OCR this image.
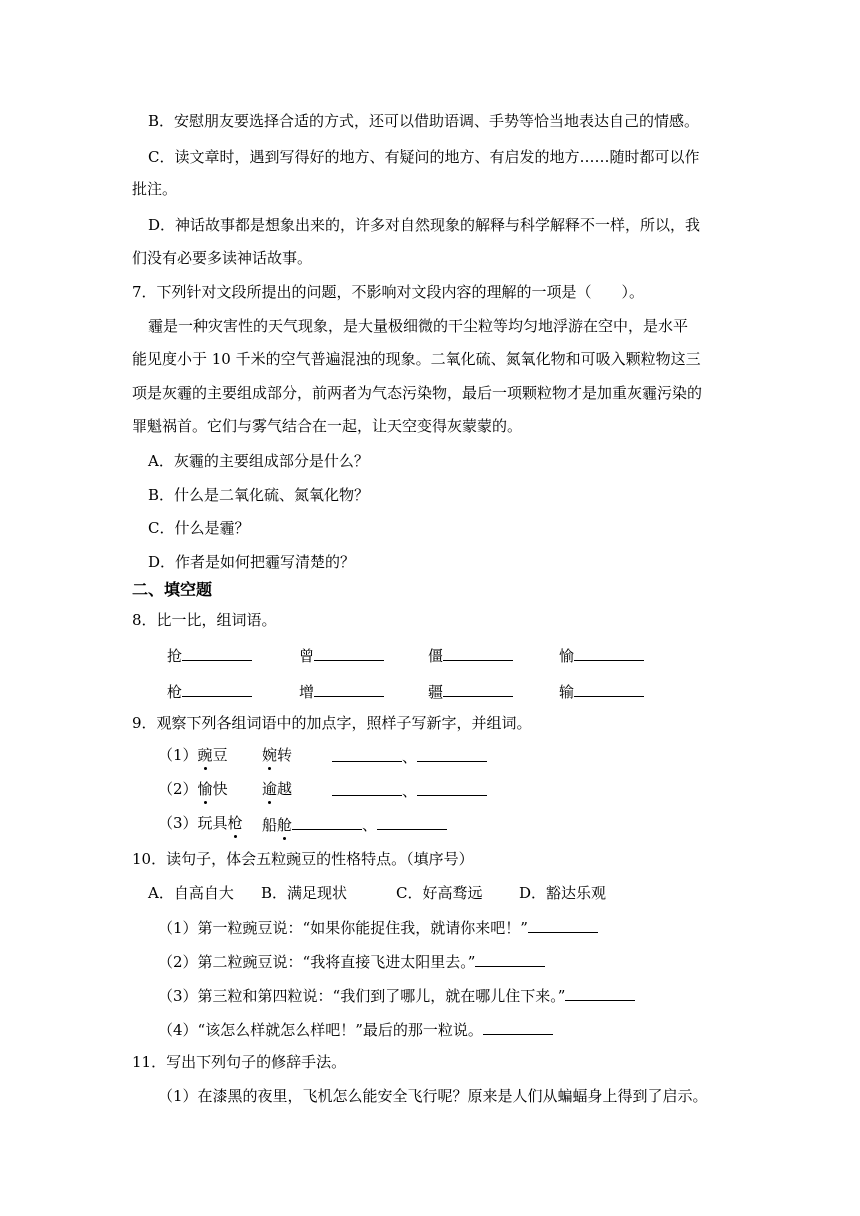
B．安慰朋友要选择合适的方式，还可以借助语调、手势等恰当地表达自己的情感。
C．读文章时，遇到写得好的地方、有疑问的地方、有启发的地方……随时都可以作
批注。
D．神话故事都是想象出来的，许多对自然现象的解释与科学解释不一样，所以，我
们没有必要多读神话故事。
7．下列针对文段所提出的问题，不影响对文段内容的理解的一项是（　　）。
霾是一种灾害性的天气现象，是大量极细微的干尘粒等均匀地浮游在空中，是水平
能见度小于 10 千米的空气普遍混浊的现象。二氧化硫、氮氧化物和可吸入颗粒物这三
项是灰霾的主要组成部分，前两者为气态污染物，最后一项颗粒物才是加重灰霾污染的
罪魁祸首。它们与雾气结合在一起，让天空变得灰蒙蒙的。
A．灰霾的主要组成部分是什么？
B．什么是二氧化硫、氮氧化物？
C．什么是霾？
D．作者是如何把霾写清楚的？
二、填空题
8．比一比，组词语。
抢	曾	僵	愉
枪	增	疆	输
9．观察下列各组词语中的加点字，照样子写新字，并组词。
（1）豌豆 婉转	、
（2）愉快 逾越	、
（3）玩具枪 船舱	、
10．读句子，体会五粒豌豆的性格特点。（填序号）
A．自高自大 B．满足现状	C．好高骛远 D．豁达乐观
（1）第一粒豌豆说：“如果你能捉住我，就请你来吧！”
（2）第二粒豌豆说：“我将直接飞进太阳里去。”
（3）第三粒和第四粒说：“我们到了哪儿，就在哪儿住下来。”
（4）“该怎么样就怎么样吧！”最后的那一粒说。
11．写出下列句子的修辞手法。
（1）在漆黑的夜里，飞机怎么能安全飞行呢？原来是人们从蝙蝠身上得到了启示。
